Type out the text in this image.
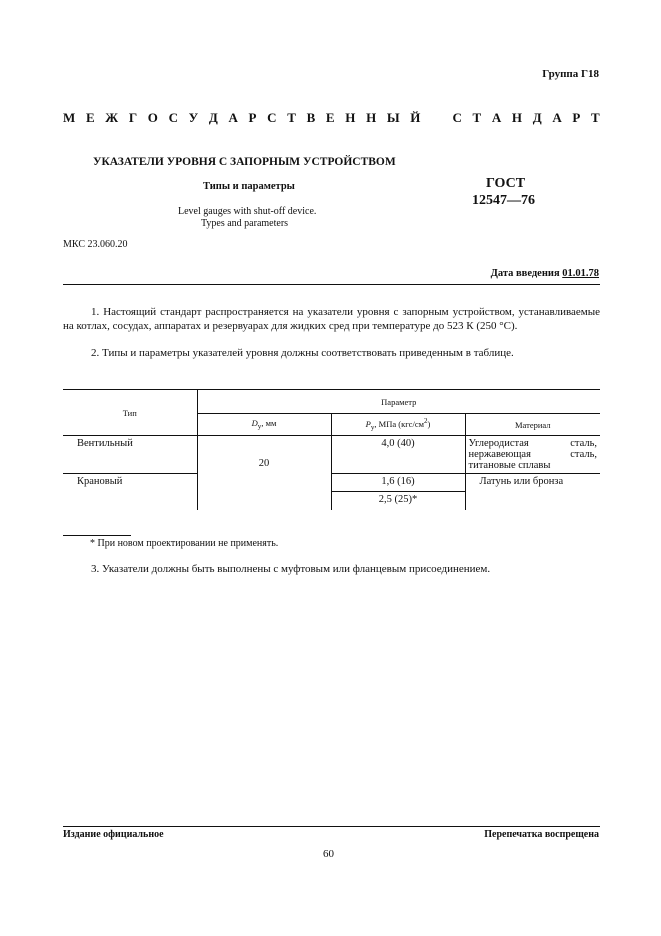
Группа Г18
М Е Ж Г О С У Д А Р С Т В Е Н Н Ы Й С Т А Н Д А Р Т
УКАЗАТЕЛИ УРОВНЯ С ЗАПОРНЫМ УСТРОЙСТВОМ
Типы и параметры
Level gauges with shut-off device.
Types and parameters
ГОСТ
12547—76
МКС 23.060.20
Дата введения 01.01.78
1. Настоящий стандарт распространяется на указатели уровня с запорным устройством, устанавливаемые на котлах, сосудах, аппаратах и резервуарах для жидких сред при температуре до 523 К (250 °С).
2. Типы и параметры указателей уровня должны соответствовать приведенным в таблице.
Тип	Параметр		
	$D_у$, мм	$P_у$, МПа $(кгс/см^2)$	Материал
Вентильный	20	4,0 (40)	Углеродистая сталь, нержавеющая сталь, титановые сплавы
Крановый		1,6 (16)	Латунь или бронза
		2,5 (25)*	
* При новом проектировании не применять.
3. Указатели должны быть выполнены с муфтовым или фланцевым присоединением.
Издание официальное	Перепечатка воспрещена
60
